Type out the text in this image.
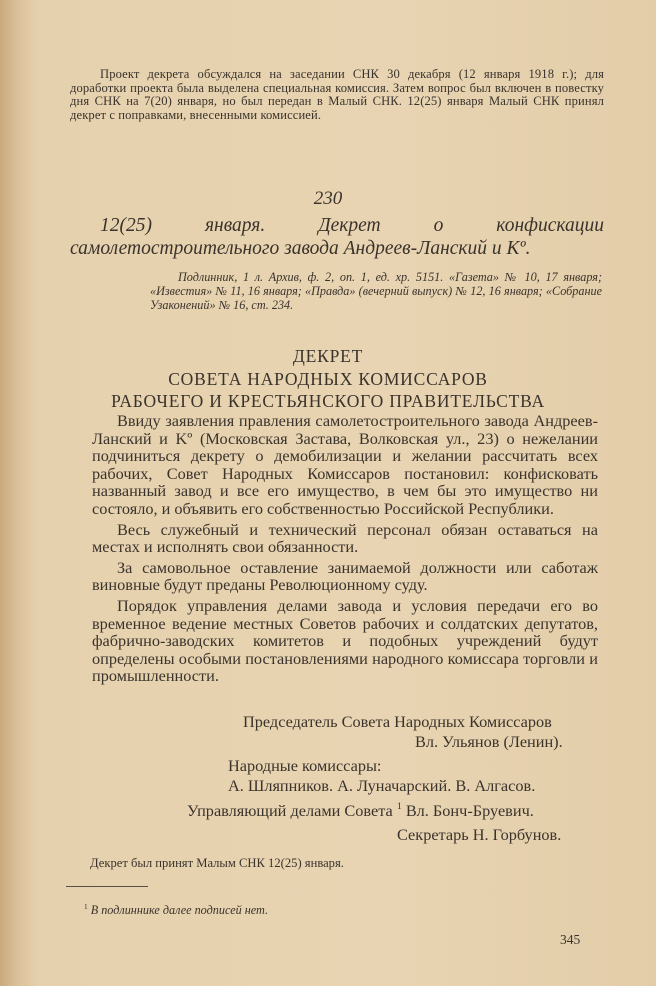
Проект декрета обсуждался на заседании СНК 30 декабря (12 января 1918 г.); для доработки проекта была выделена специальная комиссия. Затем вопрос был включен в повестку дня СНК на 7(20) января, но был передан в Малый СНК. 12(25) января Малый СНК принял декрет с поправками, внесенными комиссией.
230
12(25) января. Декрет о конфискации самолетостроительного завода Андреев-Ланский и Kº.
Подлинник, 1 л. Архив, ф. 2, оп. 1, ед. хр. 5151. «Газета» № 10, 17 января; «Известия» № 11, 16 января; «Правда» (вечерний выпуск) № 12, 16 января; «Собрание Узаконений» № 16, ст. 234.
ДЕКРЕТ
СОВЕТА НАРОДНЫХ КОМИССАРОВ
РАБОЧЕГО И КРЕСТЬЯНСКОГО ПРАВИТЕЛЬСТВА

Ввиду заявления правления самолетостроительного завода Андреев-Ланский и Kº (Московская Застава, Волковская ул., 23) о нежелании подчиниться декрету о демобилизации и желании рассчитать всех рабочих, Совет Народных Комиссаров постановил: конфисковать названный завод и все его имущество, в чем бы это имущество ни состояло, и объявить его собственностью Российской Республики.

Весь служебный и технический персонал обязан оставаться на местах и исполнять свои обязанности.

За самовольное оставление занимаемой должности или саботаж виновные будут преданы Революционному суду.

Порядок управления делами завода и условия передачи его во временное ведение местных Советов рабочих и солдатских депутатов, фабрично-заводских комитетов и подобных учреждений будут определены особыми постановлениями народного комиссара торговли и промышленности.

Председатель Совета Народных Комиссаров
Вл. Ульянов (Ленин).
Народные комиссары:
А. Шляпников. А. Луначарский. В. Алгасов.
Управляющий делами Совета $^1$ Вл. Бонч-Бруевич.
Секретарь Н. Горбунов.
Декрет был принят Малым СНК 12(25) января.
$^1$ В подлиннике далее подписей нет.
345
